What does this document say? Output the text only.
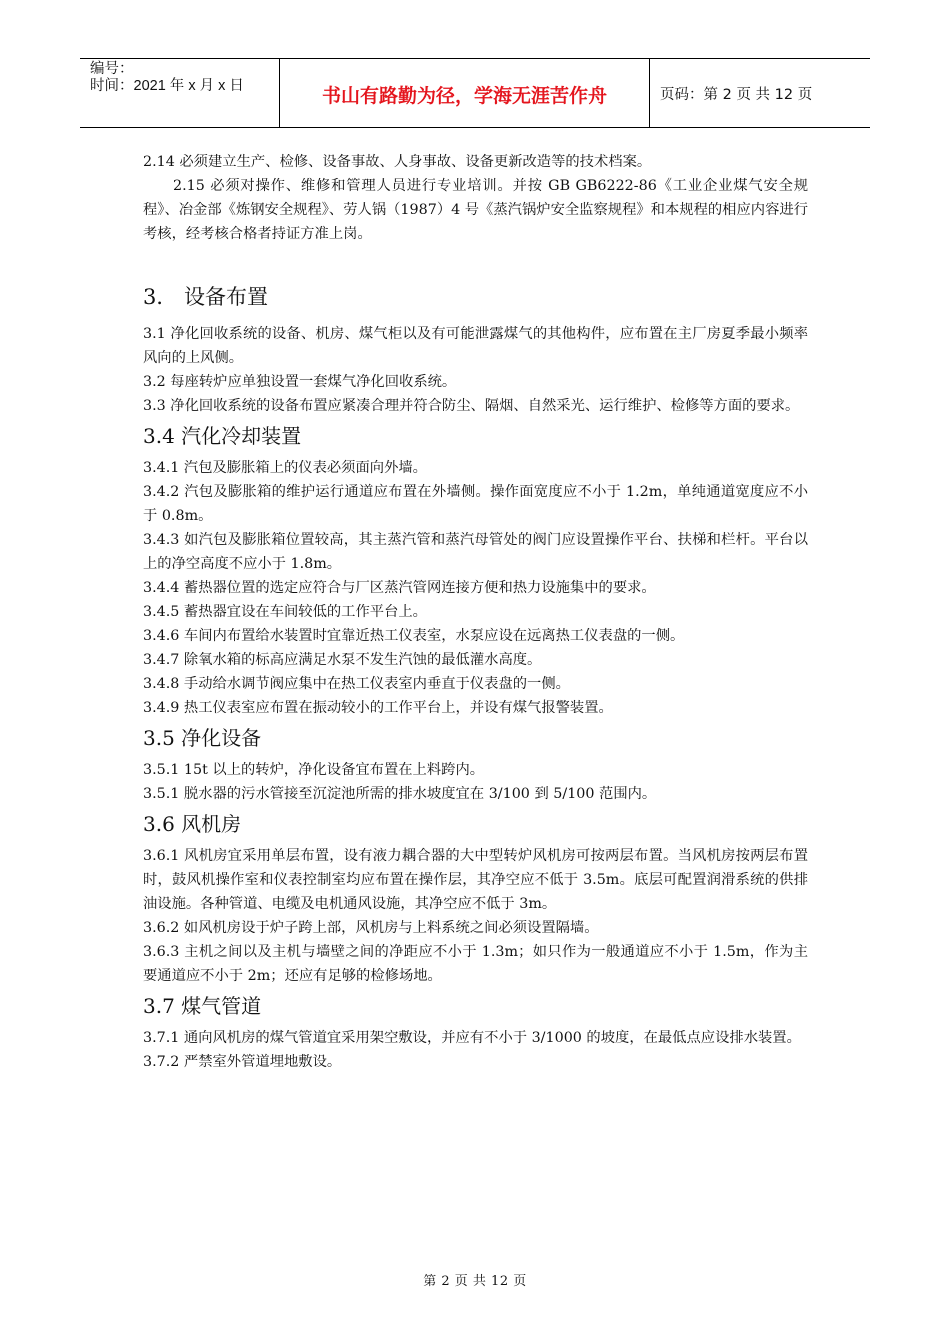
编号：
时间：2021 年 x 月 x 日	书山有路勤为径，学海无涯苦作舟	页码：第 2 页 共 12 页

2.14 必须建立生产、检修、设备事故、人身事故、设备更新改造等的技术档案。

2.15 必须对操作、维修和管理人员进行专业培训。并按 GB GB6222-86《工业企业煤气安全规程》、冶金部《炼钢安全规程》、劳人锅（1987）4 号《蒸汽锅炉安全监察规程》和本规程的相应内容进行考核，经考核合格者持证方准上岗。

3． 设备布置

3.1 净化回收系统的设备、机房、煤气柜以及有可能泄露煤气的其他构件，应布置在主厂房夏季最小频率风向的上风侧。

3.2 每座转炉应单独设置一套煤气净化回收系统。

3.3 净化回收系统的设备布置应紧凑合理并符合防尘、隔烟、自然采光、运行维护、检修等方面的要求。

3.4 汽化冷却装置

3.4.1 汽包及膨胀箱上的仪表必须面向外墙。

3.4.2 汽包及膨胀箱的维护运行通道应布置在外墙侧。操作面宽度应不小于 1.2m，单纯通道宽度应不小于 0.8m。

3.4.3 如汽包及膨胀箱位置较高，其主蒸汽管和蒸汽母管处的阀门应设置操作平台、扶梯和栏杆。平台以上的净空高度不应小于 1.8m。

3.4.4 蓄热器位置的选定应符合与厂区蒸汽管网连接方便和热力设施集中的要求。

3.4.5 蓄热器宜设在车间较低的工作平台上。

3.4.6 车间内布置给水装置时宜靠近热工仪表室，水泵应设在远离热工仪表盘的一侧。

3.4.7 除氧水箱的标高应满足水泵不发生汽蚀的最低灌水高度。

3.4.8 手动给水调节阀应集中在热工仪表室内垂直于仪表盘的一侧。

3.4.9 热工仪表室应布置在振动较小的工作平台上，并设有煤气报警装置。

3.5 净化设备

3.5.1 15t 以上的转炉，净化设备宜布置在上料跨内。

3.5.1 脱水器的污水管接至沉淀池所需的排水坡度宜在 3/100 到 5/100 范围内。

3.6 风机房

3.6.1 风机房宜采用单层布置，设有液力耦合器的大中型转炉风机房可按两层布置。当风机房按两层布置时，鼓风机操作室和仪表控制室均应布置在操作层，其净空应不低于 3.5m。底层可配置润滑系统的供排油设施。各种管道、电缆及电机通风设施，其净空应不低于 3m。

3.6.2 如风机房设于炉子跨上部，风机房与上料系统之间必须设置隔墙。

3.6.3 主机之间以及主机与墙壁之间的净距应不小于 1.3m；如只作为一般通道应不小于 1.5m，作为主要通道应不小于 2m；还应有足够的检修场地。

3.7 煤气管道

3.7.1 通向风机房的煤气管道宜采用架空敷设，并应有不小于 3/1000 的坡度，在最低点应设排水装置。

3.7.2 严禁室外管道埋地敷设。

第 2 页 共 12 页
